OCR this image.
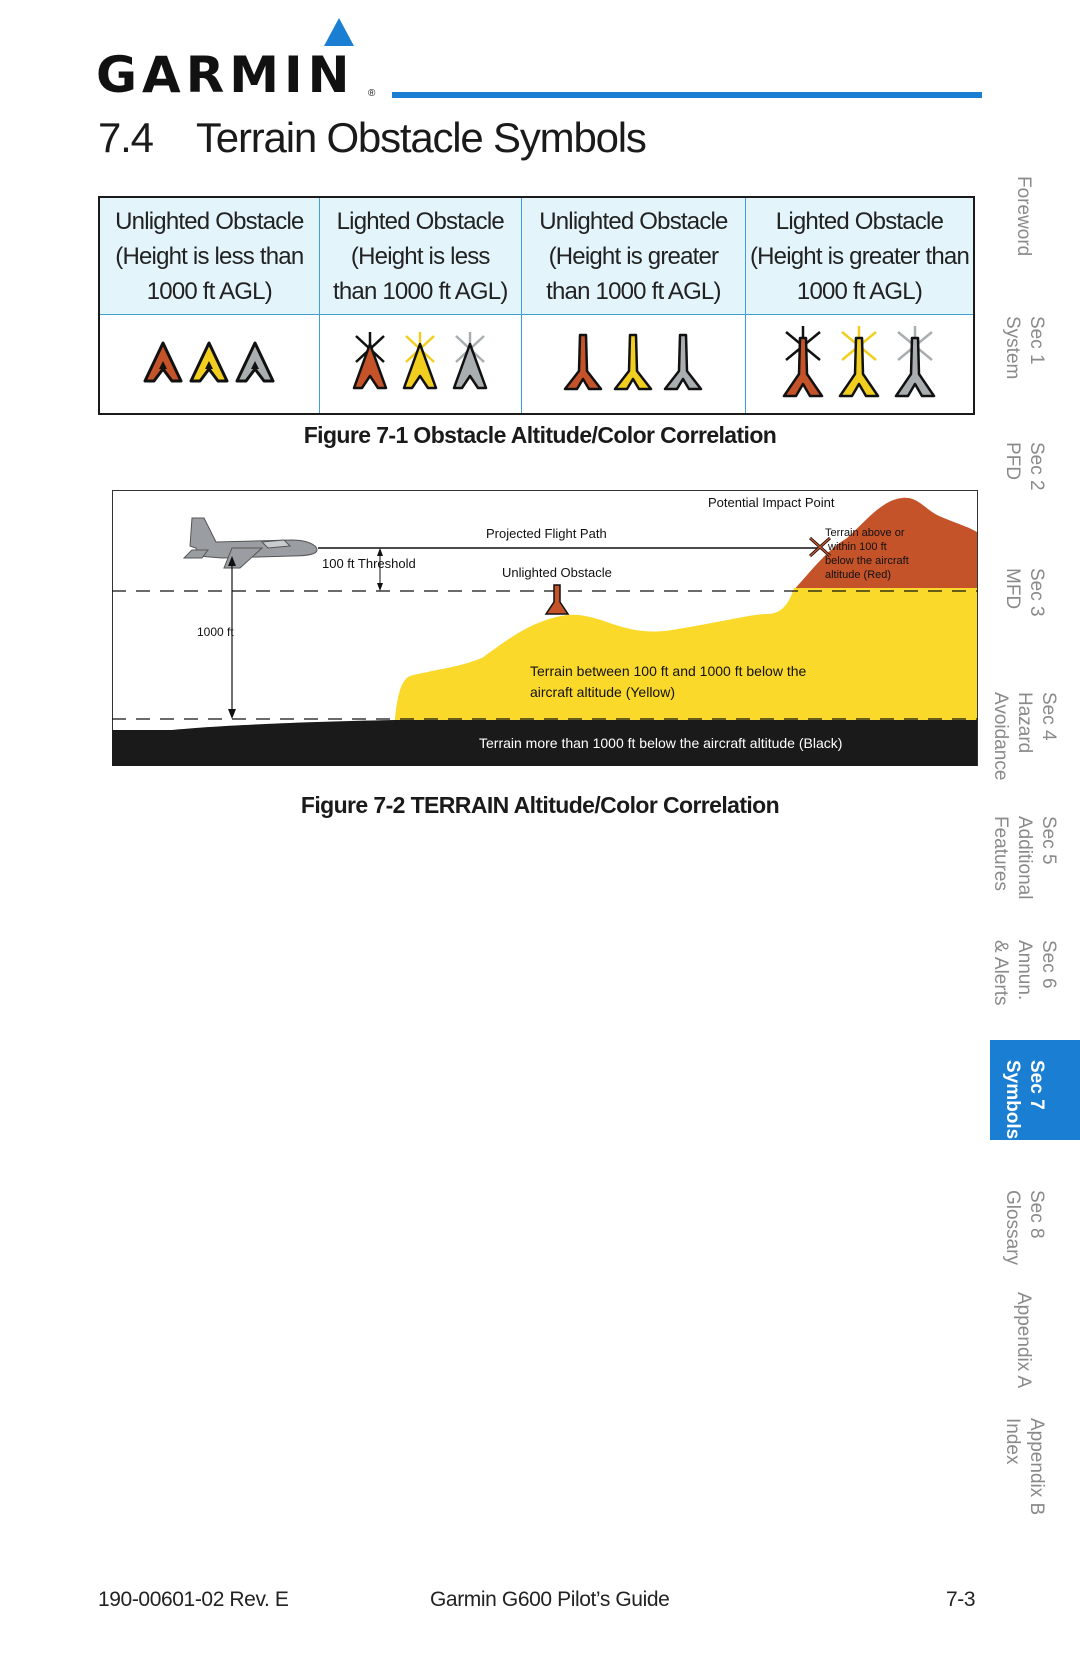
GARMIN ®
7.4 Terrain Obstacle Symbols
Unlighted Obstacle
(Height is less than
1000 ft AGL)	Lighted Obstacle
(Height is less
than 1000 ft AGL)	Unlighted Obstacle
(Height is greater
than 1000 ft AGL)	Lighted Obstacle
(Height is greater than
1000 ft AGL)

Figure 7-1 Obstacle Altitude/Color Correlation
Potential Impact Point
Projected Flight Path
100 ft Threshold
Unlighted Obstacle
1000 ft
Terrain above or
within 100 ft
below the aircraft
altitude (Red)
Terrain between 100 ft and 1000 ft below the
aircraft altitude (Yellow)
Terrain more than 1000 ft below the aircraft altitude (Black)
Figure 7-2 TERRAIN Altitude/Color Correlation
Foreword
Sec 1
System
Sec 2
PFD
Sec 3
MFD
Sec 4
Hazard
Avoidance
Sec 5
Additional
Features
Sec 6
Annun.
& Alerts
Sec 7
Symbols
Sec 8
Glossary
Appendix A
Appendix B
Index
190-00601-02 Rev. E	Garmin G600 Pilot’s Guide	7-3
